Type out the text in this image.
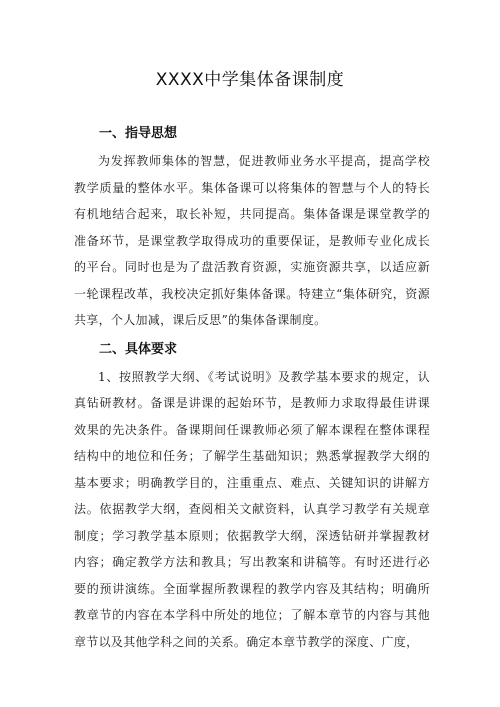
XXXX中学集体备课制度
一、指导思想

为发挥教师集体的智慧，促进教师业务水平提高，提高学校教学质量的整体水平。集体备课可以将集体的智慧与个人的特长有机地结合起来，取长补短，共同提高。集体备课是课堂教学的准备环节，是课堂教学取得成功的重要保证，是教师专业化成长的平台。同时也是为了盘活教育资源，实施资源共享，以适应新一轮课程改革，我校决定抓好集体备课。特建立“集体研究，资源共享，个人加减，课后反思”的集体备课制度。

二、具体要求

1、按照教学大纲、《考试说明》及教学基本要求的规定，认真钻研教材。备课是讲课的起始环节，是教师力求取得最佳讲课效果的先决条件。备课期间任课教师必须了解本课程在整体课程结构中的地位和任务；了解学生基础知识；熟悉掌握教学大纲的基本要求；明确教学目的，注重重点、难点、关键知识的讲解方法。依据教学大纲，查阅相关文献资料，认真学习教学有关规章制度；学习教学基本原则；依据教学大纲，深透钻研并掌握教材内容；确定教学方法和教具；写出教案和讲稿等。有时还进行必要的预讲演练。全面掌握所教课程的教学内容及其结构；明确所教章节的内容在本学科中所处的地位；了解本章节的内容与其他章节以及其他学科之间的关系。确定本章节教学的深度、广度，
